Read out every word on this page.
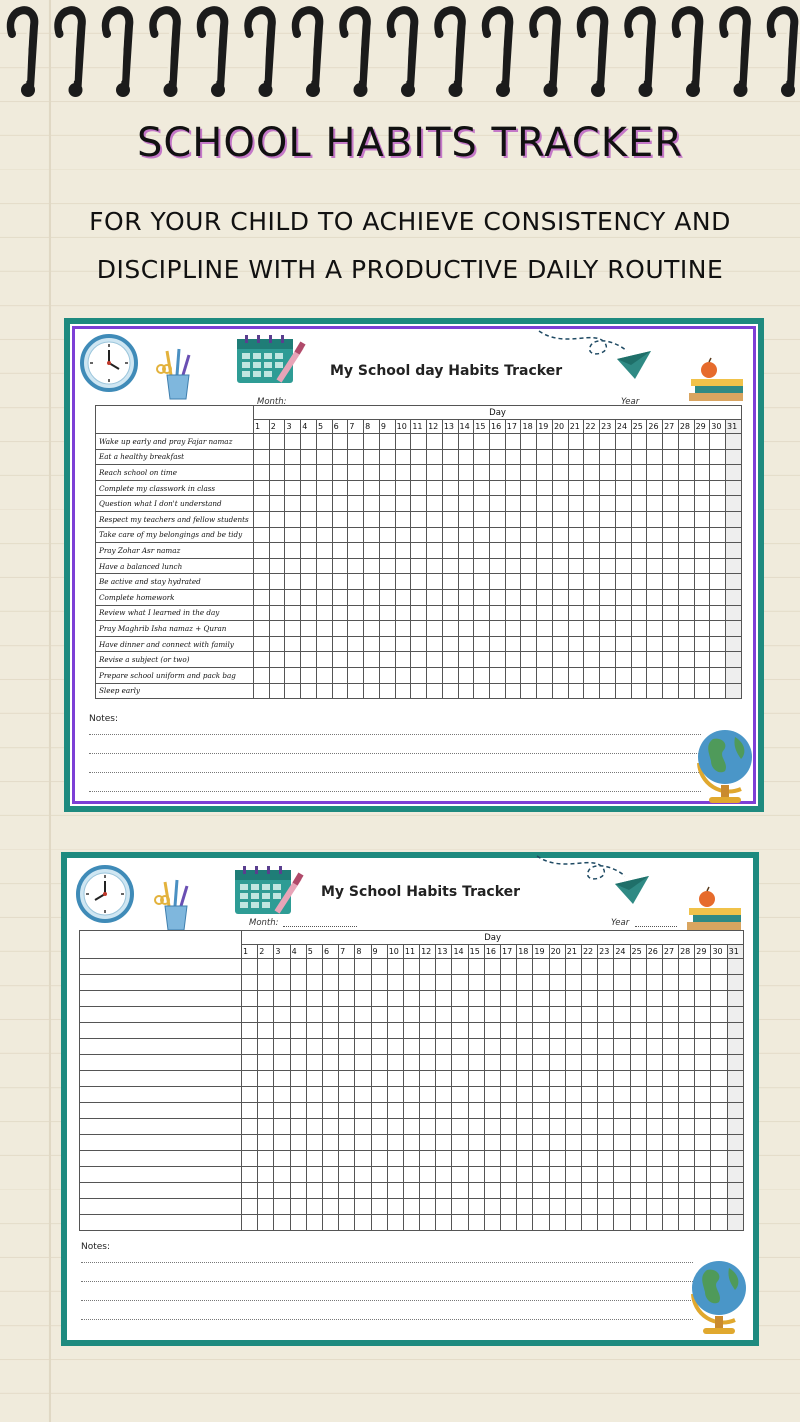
SCHOOL HABITS TRACKER
FOR YOUR CHILD TO ACHIEVE CONSISTENCY AND
DISCIPLINE WITH A PRODUCTIVE DAILY ROUTINE
My School day Habits Tracker
Month:	Year
	Day																														
	1	2	3	4	5	6	7	8	9	10	11	12	13	14	15	16	17	18	19	20	21	22	23	24	25	26	27	28	29	30	31
Wake up early and pray Fajar namaz																															
Eat a healthy breakfast																															
Reach school on time																															
Complete my classwork in class																															
Question what I don't understand																															
Respect my teachers and fellow students																															
Take care of my belongings and be tidy																															
Pray Zohar Asr namaz																															
Have a balanced lunch																															
Be active and stay hydrated																															
Complete homework																															
Review what I learned in the day																															
Pray Maghrib Isha namaz + Quran																															
Have dinner and connect with family																															
Revise a subject (or two)																															
Prepare school uniform and pack bag																															
Sleep early																															
Notes:
My School Habits Tracker
Month:	Year
	Day																														
	1	2	3	4	5	6	7	8	9	10	11	12	13	14	15	16	17	18	19	20	21	22	23	24	25	26	27	28	29	30	31

Notes:
